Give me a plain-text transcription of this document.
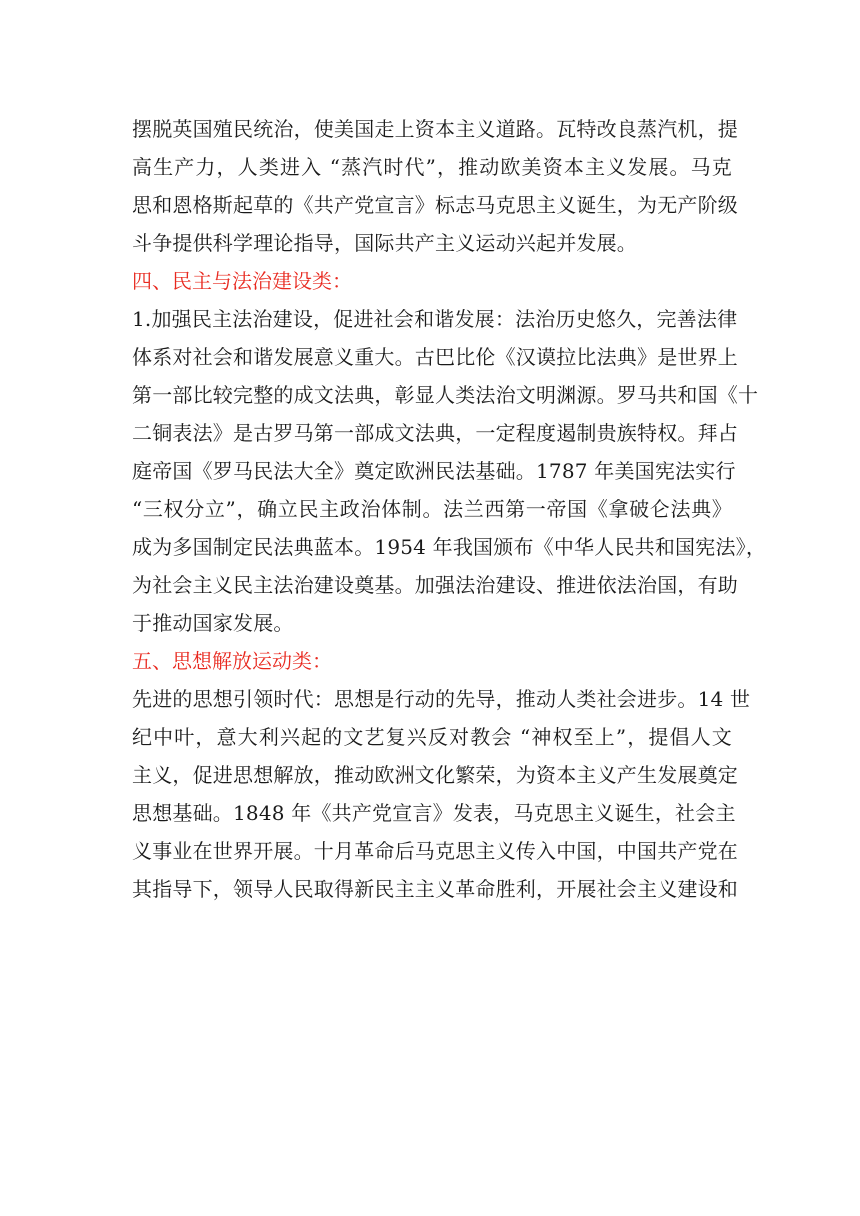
摆脱英国殖民统治，使美国走上资本主义道路。瓦特改良蒸汽机，提
高生产力，人类进入 “蒸汽时代”，推动欧美资本主义发展。马克
思和恩格斯起草的《共产党宣言》标志马克思主义诞生，为无产阶级
斗争提供科学理论指导，国际共产主义运动兴起并发展。
四、民主与法治建设类：
1.加强民主法治建设，促进社会和谐发展：法治历史悠久，完善法律
体系对社会和谐发展意义重大。古巴比伦《汉谟拉比法典》是世界上
第一部比较完整的成文法典，彰显人类法治文明渊源。罗马共和国《十
二铜表法》是古罗马第一部成文法典，一定程度遏制贵族特权。拜占
庭帝国《罗马民法大全》奠定欧洲民法基础。1787 年美国宪法实行
“三权分立”，确立民主政治体制。法兰西第一帝国《拿破仑法典》
成为多国制定民法典蓝本。1954 年我国颁布《中华人民共和国宪法》，
为社会主义民主法治建设奠基。加强法治建设、推进依法治国，有助
于推动国家发展。
五、思想解放运动类：
先进的思想引领时代：思想是行动的先导，推动人类社会进步。14 世
纪中叶，意大利兴起的文艺复兴反对教会 “神权至上”，提倡人文
主义，促进思想解放，推动欧洲文化繁荣，为资本主义产生发展奠定
思想基础。1848 年《共产党宣言》发表，马克思主义诞生，社会主
义事业在世界开展。十月革命后马克思主义传入中国，中国共产党在
其指导下，领导人民取得新民主主义革命胜利，开展社会主义建设和
